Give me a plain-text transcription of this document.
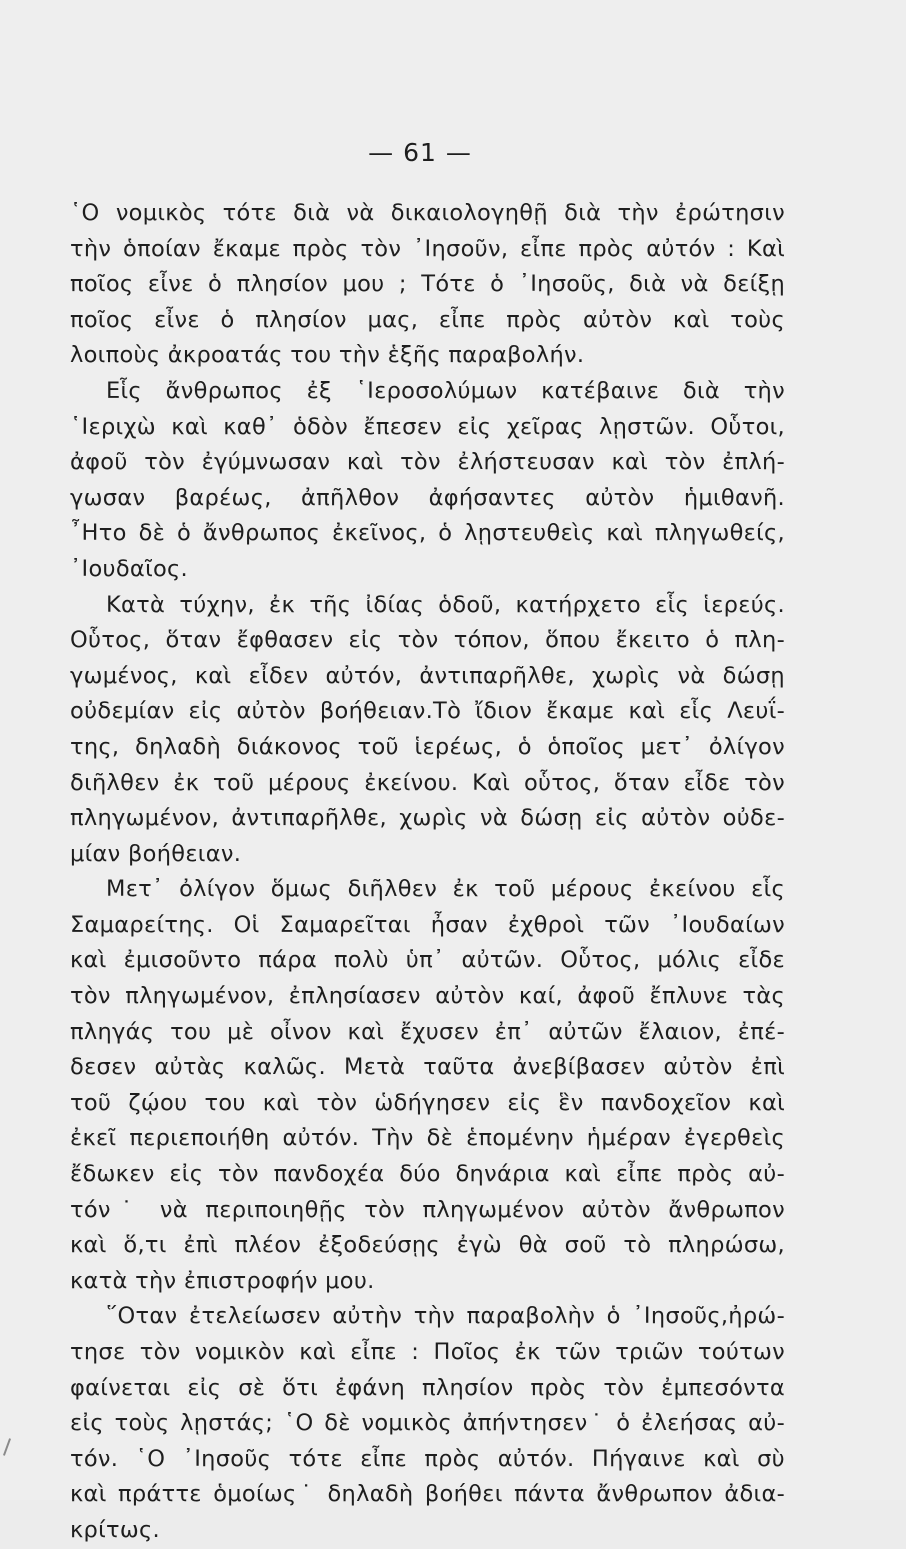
— 61 —
῾Ο νομικὸς τότε διὰ νὰ δικαιολογηθῇ διὰ τὴν ἐρώτησιν
τὴν ὁποίαν ἔκαμε πρὸς τὸν ᾿Ιησοῦν, εἶπε πρὸς αὐτόν : Καὶ
ποῖος εἶνε ὁ πλησίον μου ; Τότε ὁ ᾿Ιησοῦς, διὰ νὰ δείξῃ
ποῖος εἶνε ὁ πλησίον μας, εἶπε πρὸς αὐτὸν καὶ τοὺς
λοιποὺς ἀκροατάς του τὴν ἑξῆς παραβολήν.
Εἷς ἄνθρωπος ἐξ ῾Ιεροσολύμων κατέβαινε διὰ τὴν
῾Ιεριχὼ καὶ καθ᾿ ὁδὸν ἔπεσεν εἰς χεῖρας λῃστῶν. Οὗτοι,
ἀφοῦ τὸν ἐγύμνωσαν καὶ τὸν ἐλήστευσαν καὶ τὸν ἐπλή-
γωσαν βαρέως, ἀπῆλθον ἀφήσαντες αὐτὸν ἡμιθανῆ.
῏Ητο δὲ ὁ ἄνθρωπος ἐκεῖνος, ὁ λῃστευθεὶς καὶ πληγωθείς,
᾿Ιουδαῖος.
Κατὰ τύχην, ἐκ τῆς ἰδίας ὁδοῦ, κατήρχετο εἷς ἱερεύς.
Οὗτος, ὅταν ἔφθασεν εἰς τὸν τόπον, ὅπου ἔκειτο ὁ πλη-
γωμένος, καὶ εἶδεν αὐτόν, ἀντιπαρῆλθε, χωρὶς νὰ δώσῃ
οὐδεμίαν εἰς αὐτὸν βοήθειαν.Τὸ ἴδιον ἔκαμε καὶ εἷς Λευΐ-
της, δηλαδὴ διάκονος τοῦ ἱερέως, ὁ ὁποῖος μετ᾿ ὀλίγον
διῆλθεν ἐκ τοῦ μέρους ἐκείνου. Καὶ οὗτος, ὅταν εἶδε τὸν
πληγωμένον, ἀντιπαρῆλθε, χωρὶς νὰ δώσῃ εἰς αὐτὸν οὐδε-
μίαν βοήθειαν.
Μετ᾿ ὀλίγον ὅμως διῆλθεν ἐκ τοῦ μέρους ἐκείνου εἷς
Σαμαρείτης. Οἱ Σαμαρεῖται ἦσαν ἐχθροὶ τῶν ᾿Ιουδαίων
καὶ ἐμισοῦντο πάρα πολὺ ὑπ᾿ αὐτῶν. Οὗτος, μόλις εἶδε
τὸν πληγωμένον, ἐπλησίασεν αὐτὸν καί, ἀφοῦ ἔπλυνε τὰς
πληγάς του μὲ οἶνον καὶ ἔχυσεν ἐπ᾿ αὐτῶν ἔλαιον, ἐπέ-
δεσεν αὐτὰς καλῶς. Μετὰ ταῦτα ἀνεβίβασεν αὐτὸν ἐπὶ
τοῦ ζῴου του καὶ τὸν ὡδήγησεν εἰς ἓν πανδοχεῖον καὶ
ἐκεῖ περιεποιήθη αὐτόν. Τὴν δὲ ἑπομένην ἡμέραν ἐγερθεὶς
ἔδωκεν εἰς τὸν πανδοχέα δύο δηνάρια καὶ εἶπε πρὸς αὐ-
τόν˙ νὰ περιποιηθῇς τὸν πληγωμένον αὐτὸν ἄνθρωπον
καὶ ὅ,τι ἐπὶ πλέον ἐξοδεύσῃς ἐγὼ θὰ σοῦ τὸ πληρώσω,
κατὰ τὴν ἐπιστροφήν μου.
῞Οταν ἐτελείωσεν αὐτὴν τὴν παραβολὴν ὁ ᾿Ιησοῦς,ἠρώ-
τησε τὸν νομικὸν καὶ εἶπε : Ποῖος ἐκ τῶν τριῶν τούτων
φαίνεται εἰς σὲ ὅτι ἐφάνη πλησίον πρὸς τὸν ἐμπεσόντα
εἰς τοὺς λῃστάς; ῾Ο δὲ νομικὸς ἀπήντησεν˙ ὁ ἐλεήσας αὐ-
τόν. ῾Ο ᾿Ιησοῦς τότε εἶπε πρὸς αὐτόν. Πήγαινε καὶ σὺ
καὶ πράττε ὁμοίως˙ δηλαδὴ βοήθει πάντα ἄνθρωπον ἀδια-
κρίτως.
